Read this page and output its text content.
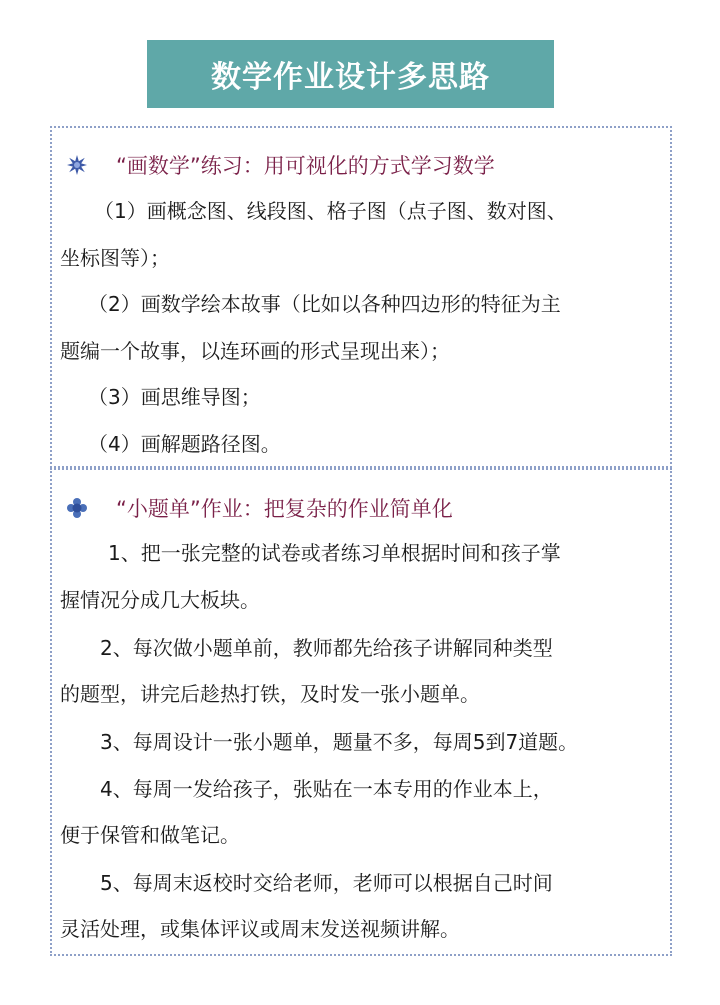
数学作业设计多思路
“画数学”练习：用可视化的方式学习数学
（1）画概念图、线段图、格子图（点子图、数对图、
坐标图等）；
（2）画数学绘本故事（比如以各种四边形的特征为主
题编一个故事，以连环画的形式呈现出来）；
（3）画思维导图；
（4）画解题路径图。
“小题单”作业：把复杂的作业简单化
1、把一张完整的试卷或者练习单根据时间和孩子掌
握情况分成几大板块。
2、每次做小题单前，教师都先给孩子讲解同种类型
的题型，讲完后趁热打铁，及时发一张小题单。
3、每周设计一张小题单，题量不多，每周5到7道题。
4、每周一发给孩子，张贴在一本专用的作业本上，
便于保管和做笔记。
5、每周末返校时交给老师，老师可以根据自己时间
灵活处理，或集体评议或周末发送视频讲解。
